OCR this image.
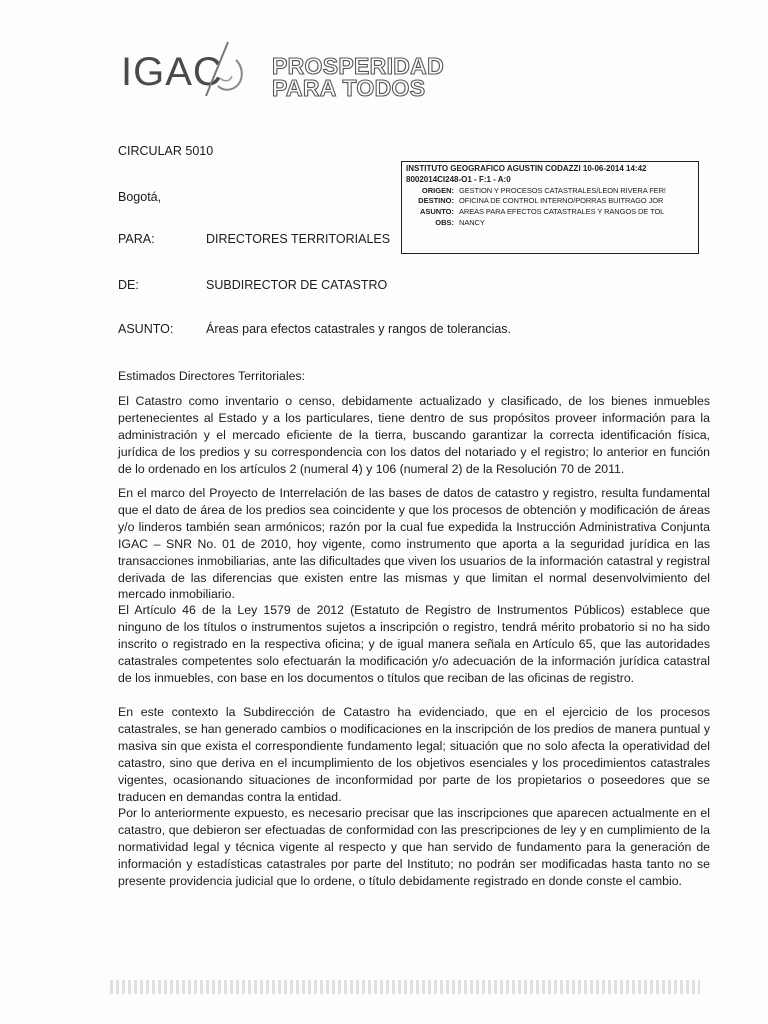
IGAC PROSPERIDAD
PARA TODOS
CIRCULAR 5010
Bogotá,
PARA:	DIRECTORES TERRITORIALES
DE:	SUBDIRECTOR DE CATASTRO
ASUNTO:	Áreas para efectos catastrales y rangos de tolerancias.
INSTITUTO GEOGRAFICO AGUSTIN CODAZZI 10-06-2014 14:42
8002014CI248-O1 - F:1 - A:0
ORIGEN: GESTION Y PROCESOS CATASTRALES/LEON RIVERA FER!
DESTINO: OFICINA DE CONTROL INTERNO/PORRAS BUITRAGO JOR
ASUNTO: AREAS PARA EFECTOS CATASTRALES Y RANGOS DE TOL
OBS: NANCY

Estimados Directores Territoriales:

El Catastro como inventario o censo, debidamente actualizado y clasificado, de los bienes inmuebles pertenecientes al Estado y a los particulares, tiene dentro de sus propósitos proveer información para la administración y el mercado eficiente de la tierra, buscando garantizar la correcta identificación física, jurídica de los predios y su correspondencia con los datos del notariado y el registro; lo anterior en función de lo ordenado en los artículos 2 (numeral 4) y 106 (numeral 2) de la Resolución 70 de 2011.

En el marco del Proyecto de Interrelación de las bases de datos de catastro y registro, resulta fundamental que el dato de área de los predios sea coincidente y que los procesos de obtención y modificación de áreas y/o linderos también sean armónicos; razón por la cual fue expedida la Instrucción Administrativa Conjunta IGAC – SNR No. 01 de 2010, hoy vigente, como instrumento que aporta a la seguridad jurídica en las transacciones inmobiliarias, ante las dificultades que viven los usuarios de la información catastral y registral derivada de las diferencias que existen entre las mismas y que limitan el normal desenvolvimiento del mercado inmobiliario.

El Artículo 46 de la Ley 1579 de 2012 (Estatuto de Registro de Instrumentos Públicos) establece que ninguno de los títulos o instrumentos sujetos a inscripción o registro, tendrá mérito probatorio si no ha sido inscrito o registrado en la respectiva oficina; y de igual manera señala en Artículo 65, que las autoridades catastrales competentes solo efectuarán la modificación y/o adecuación de la información jurídica catastral de los inmuebles, con base en los documentos o títulos que reciban de las oficinas de registro.

En este contexto la Subdirección de Catastro ha evidenciado, que en el ejercicio de los procesos catastrales, se han generado cambios o modificaciones en la inscripción de los predios de manera puntual y masiva sin que exista el correspondiente fundamento legal; situación que no solo afecta la operatividad del catastro, sino que deriva en el incumplimiento de los objetivos esenciales y los procedimientos catastrales vigentes, ocasionando situaciones de inconformidad por parte de los propietarios o poseedores que se traducen en demandas contra la entidad.

Por lo anteriormente expuesto, es necesario precisar que las inscripciones que aparecen actualmente en el catastro, que debieron ser efectuadas de conformidad con las prescripciones de ley y en cumplimiento de la normatividad legal y técnica vigente al respecto y que han servido de fundamento para la generación de información y estadísticas catastrales por parte del Instituto; no podrán ser modificadas hasta tanto no se presente providencia judicial que lo ordene, o título debidamente registrado en donde conste el cambio.
